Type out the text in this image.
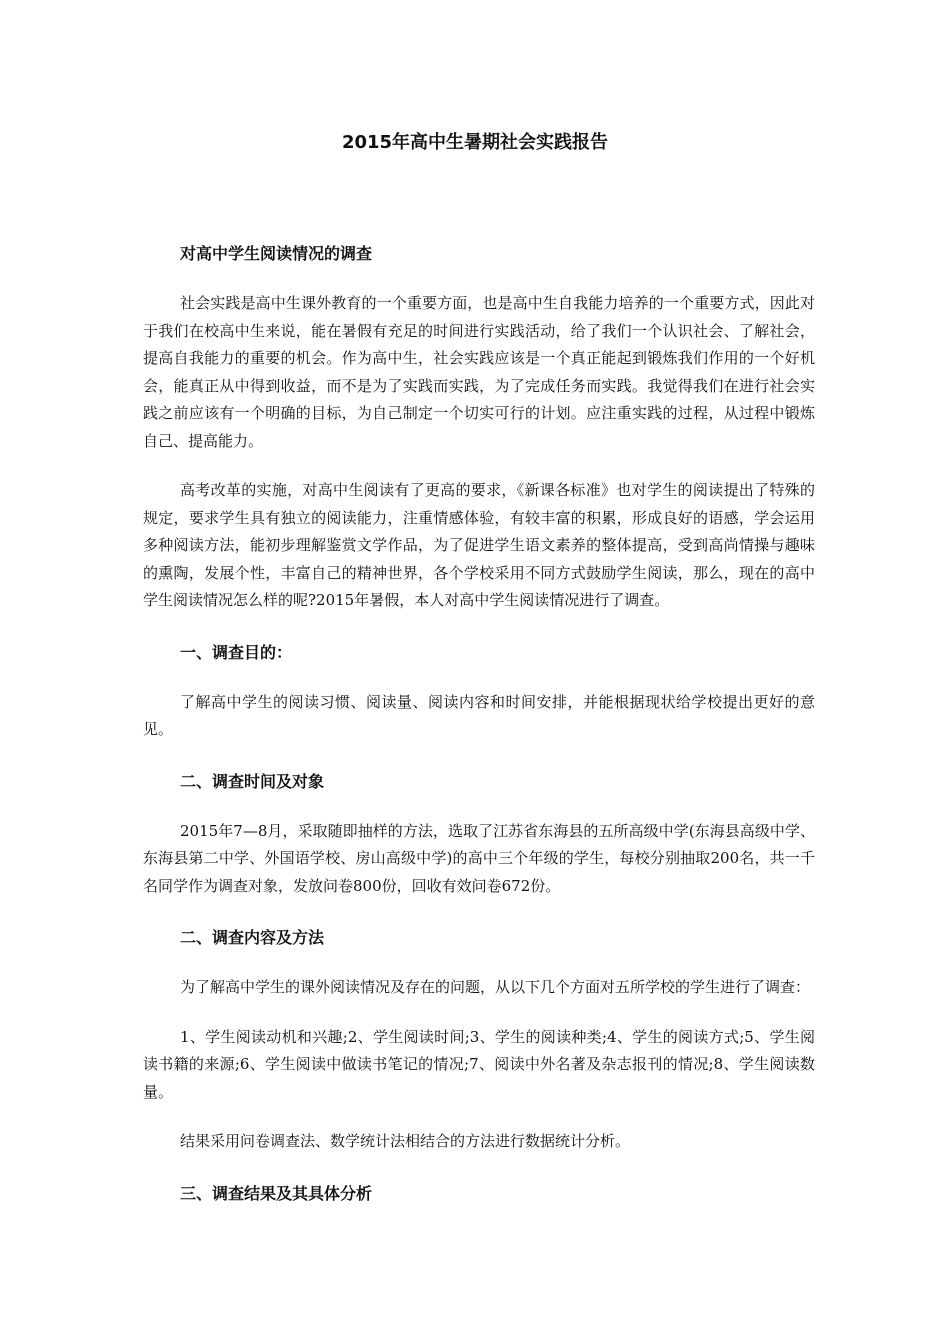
2015年高中生暑期社会实践报告
对高中学生阅读情况的调查

社会实践是高中生课外教育的一个重要方面，也是高中生自我能力培养的一个重要方式，因此对于我们在校高中生来说，能在暑假有充足的时间进行实践活动，给了我们一个认识社会、了解社会，提高自我能力的重要的机会。作为高中生，社会实践应该是一个真正能起到锻炼我们作用的一个好机会，能真正从中得到收益，而不是为了实践而实践，为了完成任务而实践。我觉得我们在进行社会实践之前应该有一个明确的目标，为自己制定一个切实可行的计划。应注重实践的过程，从过程中锻炼自己、提高能力。

高考改革的实施，对高中生阅读有了更高的要求，《新课各标准》也对学生的阅读提出了特殊的规定，要求学生具有独立的阅读能力，注重情感体验，有较丰富的积累，形成良好的语感，学会运用多种阅读方法，能初步理解鉴赏文学作品，为了促进学生语文素养的整体提高，受到高尚情操与趣味的熏陶，发展个性，丰富自己的精神世界，各个学校采用不同方式鼓励学生阅读，那么，现在的高中学生阅读情况怎么样的呢?2015年暑假，本人对高中学生阅读情况进行了调查。

一、调查目的：

了解高中学生的阅读习惯、阅读量、阅读内容和时间安排，并能根据现状给学校提出更好的意见。

二、调查时间及对象

2015年7—8月，采取随即抽样的方法，选取了江苏省东海县的五所高级中学(东海县高级中学、东海县第二中学、外国语学校、房山高级中学)的高中三个年级的学生，每校分别抽取200名，共一千名同学作为调查对象，发放问卷800份，回收有效问卷672份。

二、调查内容及方法

为了解高中学生的课外阅读情况及存在的问题，从以下几个方面对五所学校的学生进行了调查：

1、学生阅读动机和兴趣;2、学生阅读时间;3、学生的阅读种类;4、学生的阅读方式;5、学生阅读书籍的来源;6、学生阅读中做读书笔记的情况;7、阅读中外名著及杂志报刊的情况;8、学生阅读数量。

结果采用问卷调查法、数学统计法相结合的方法进行数据统计分析。

三、调查结果及其具体分析
